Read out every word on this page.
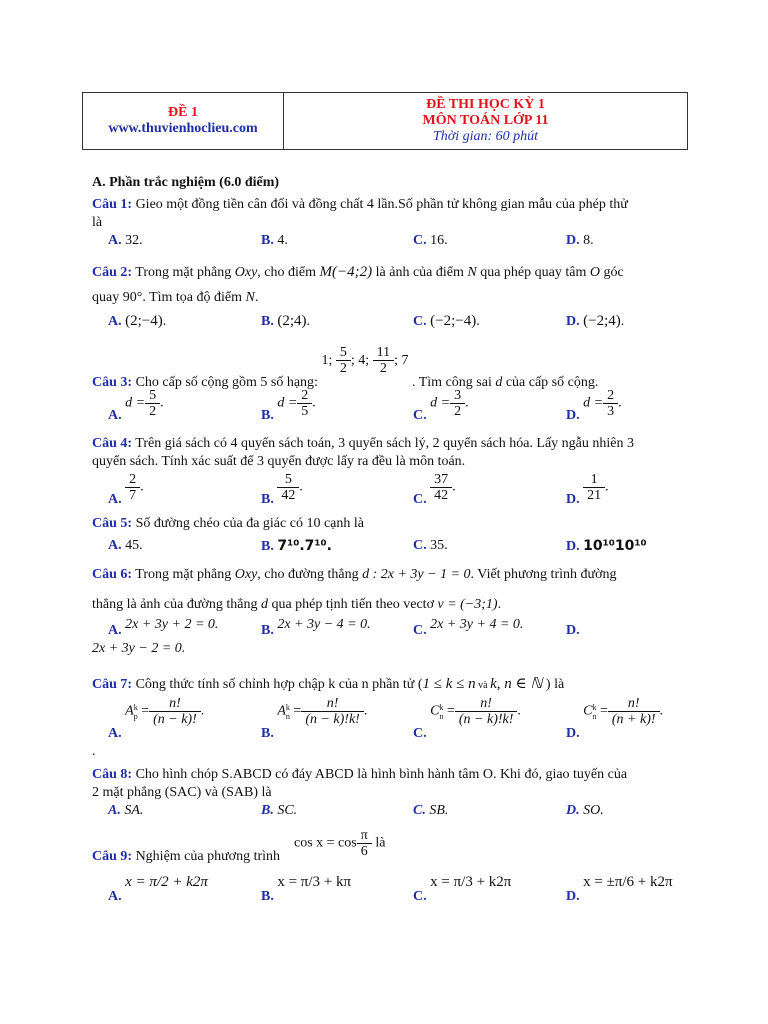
ĐỀ 1
www.thuvienhoclieu.com

ĐỀ THI HỌC KỲ 1
MÔN TOÁN LỚP 11
Thời gian: 60 phút
A. Phần trắc nghiệm (6.0 điểm)
Câu 1: Gieo một đồng tiền cân đối và đồng chất 4 lần.Số phần tử không gian mẫu của phép thử
là
A. 32.	B. 4.	C. 16.	D. 8.
Câu 2: Trong mặt phẳng Oxy, cho điểm M(−4;2) là ảnh của điểm N qua phép quay tâm O góc
quay 90°. Tìm tọa độ điểm N.
A. (2;−4).	B. (2;4).	C. (−2;−4).	D. (−2;4).
Câu 3: Cho cấp số cộng gồm 5 số hạng: 1; $\frac{5}{2}$ ; 4; $\frac{11}{2}$ ; 7 . Tìm công sai d của cấp số cộng.
A. $d = \frac{5}{2}$ .
B. $d = \frac{2}{5}$ .
C. $d = \frac{3}{2}$ .
D. $d = \frac{2}{3}$ .
Câu 4: Trên giá sách có 4 quyển sách toán, 3 quyển sách lý, 2 quyển sách hóa. Lấy ngẫu nhiên 3
quyển sách. Tính xác suất để 3 quyển được lấy ra đều là môn toán.
A. $\frac{2}{7}$ .
B. $\frac{5}{42}$ .
C. $\frac{37}{42}$ .
D. $\frac{1}{21}$ .
Câu 5: Số đường chéo của đa giác có 10 cạnh là
A. 45.	B. 7¹⁰.7¹⁰.	C. 35.	D. 10¹⁰10¹⁰
Câu 6: Trong mặt phẳng Oxy, cho đường thẳng d : 2x + 3y − 1 = 0. Viết phương trình đường
thẳng là ảnh của đường thẳng d qua phép tịnh tiến theo vectơ v = (−3;1).
A. 2x + 3y + 2 = 0.	B. 2x + 3y − 4 = 0.	C. 2x + 3y + 4 = 0.	D.
2x + 3y − 2 = 0.
Câu 7: Công thức tính số chỉnh hợp chập k của n phần tử (1 ≤ k ≤ n và k, n ∈ ℕ ) là
A. A k
$p = \frac{n!}{(n - k)!}$ .
B. A k
$n = \frac{n!}{(n - k)!k!}$ .
C. C k
$n = \frac{n!}{(n - k)!k!}$ .
D. C k
$n = \frac{n!}{(n + k)!}$ .
.
Câu 8: Cho hình chóp S.ABCD có đáy ABCD là hình bình hành tâm O. Khi đó, giao tuyến của
2 mặt phẳng (SAC) và (SAB) là
A. SA.	B. SC.	C. SB.	D. SO.
Câu 9: Nghiệm của phương trình
$\cos x = \cos \frac{\pi}{6}$ là
A. x = π/2 + k2π
B. x = π/3 + kπ
C. x = π/3 + k2π
D. x = ±π/6 + k2π
